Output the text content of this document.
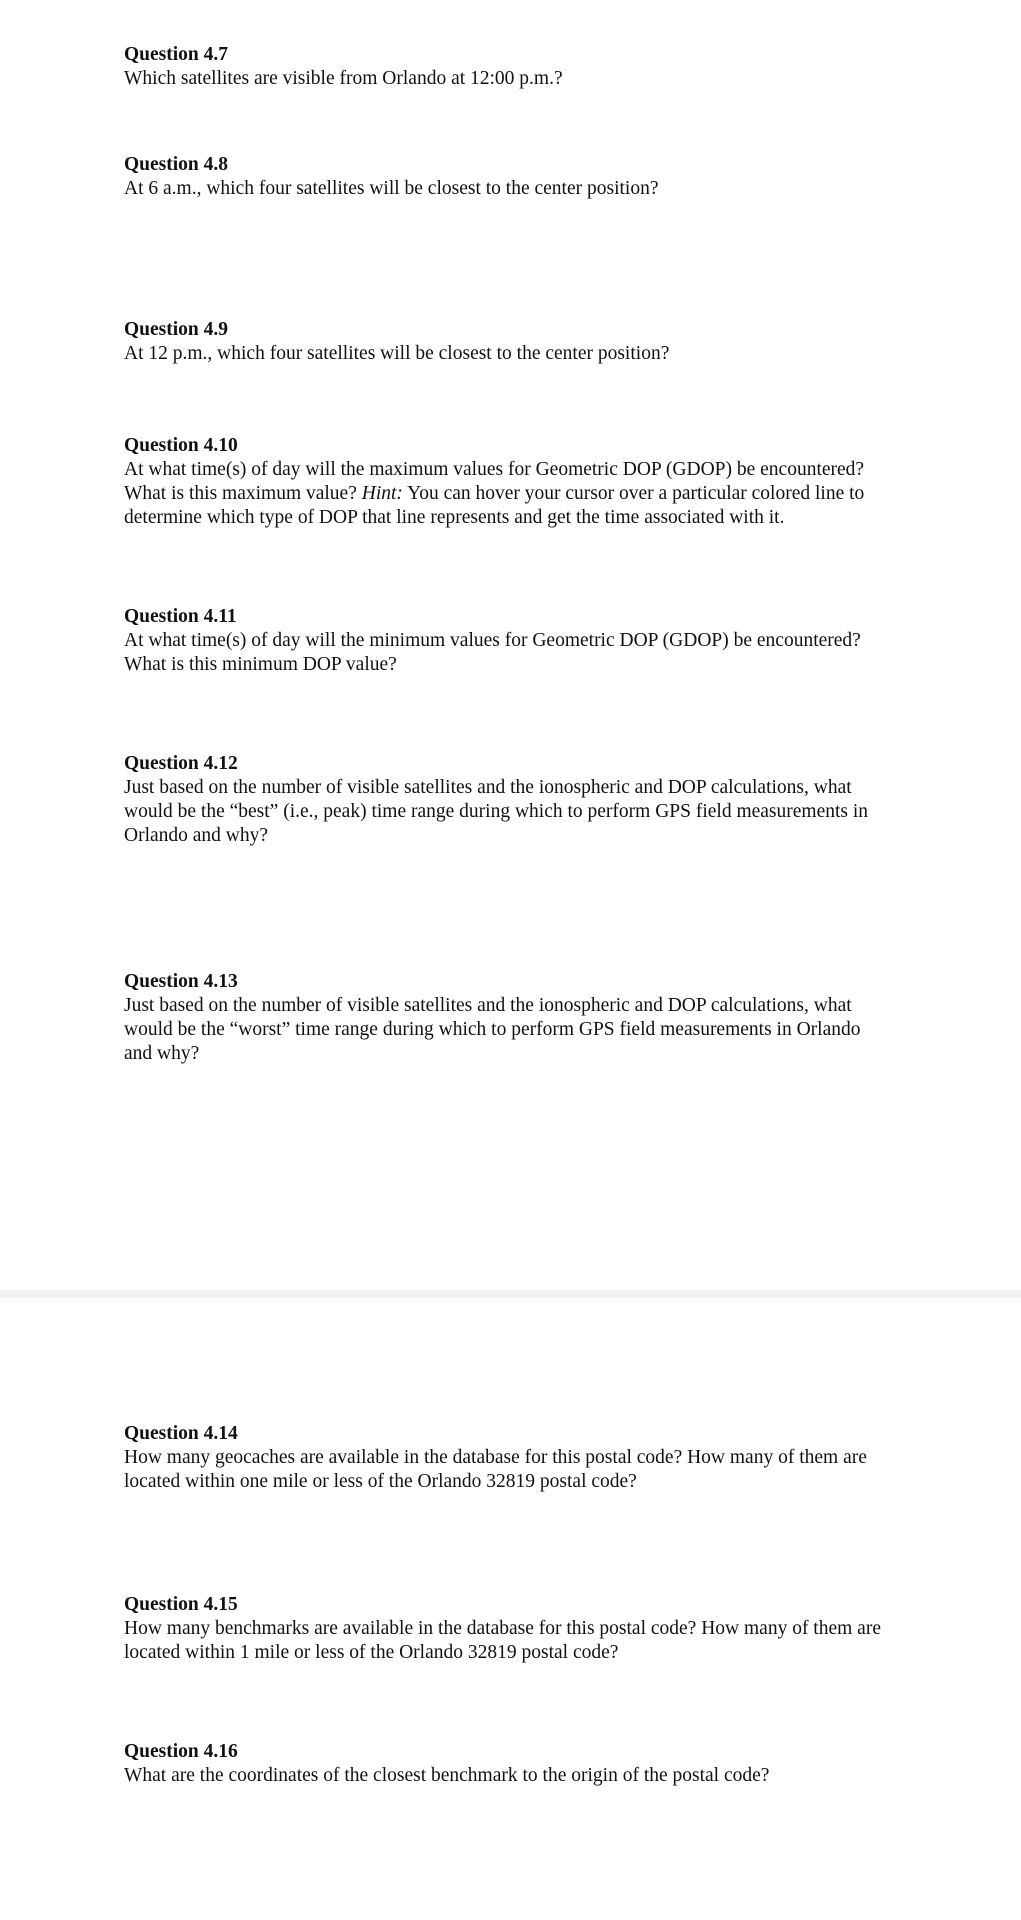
Question 4.7

Which satellites are visible from Orlando at 12:00 p.m.?

Question 4.8

At 6 a.m., which four satellites will be closest to the center position?

Question 4.9

At 12 p.m., which four satellites will be closest to the center position?

Question 4.10

At what time(s) of day will the maximum values for Geometric DOP (GDOP) be encountered?

What is this maximum value? Hint: You can hover your cursor over a particular colored line to

determine which type of DOP that line represents and get the time associated with it.

Question 4.11

At what time(s) of day will the minimum values for Geometric DOP (GDOP) be encountered?

What is this minimum DOP value?

Question 4.12

Just based on the number of visible satellites and the ionospheric and DOP calculations, what

would be the “best” (i.e., peak) time range during which to perform GPS field measurements in

Orlando and why?

Question 4.13

Just based on the number of visible satellites and the ionospheric and DOP calculations, what

would be the “worst” time range during which to perform GPS field measurements in Orlando

and why?

Question 4.14

How many geocaches are available in the database for this postal code? How many of them are

located within one mile or less of the Orlando 32819 postal code?

Question 4.15

How many benchmarks are available in the database for this postal code? How many of them are

located within 1 mile or less of the Orlando 32819 postal code?

Question 4.16

What are the coordinates of the closest benchmark to the origin of the postal code?
